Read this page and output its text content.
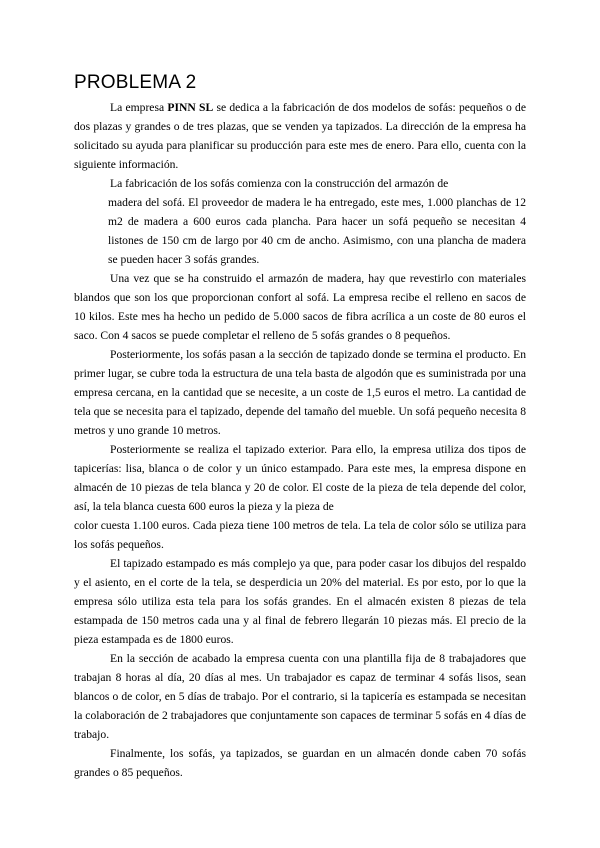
PROBLEMA 2

La empresa PINN SL se dedica a la fabricación de dos modelos de sofás: pequeños o de dos plazas y grandes o de tres plazas, que se venden ya tapizados. La dirección de la empresa ha solicitado su ayuda para planificar su producción para este mes de enero. Para ello, cuenta con la siguiente información.

La fabricación de los sofás comienza con la construcción del armazón de

madera del sofá. El proveedor de madera le ha entregado, este mes, 1.000 planchas de 12 m2 de madera a 600 euros cada plancha. Para hacer un sofá pequeño se necesitan 4 listones de 150 cm de largo por 40 cm de ancho. Asimismo, con una plancha de madera se pueden hacer 3 sofás grandes.

Una vez que se ha construido el armazón de madera, hay que revestirlo con materiales blandos que son los que proporcionan confort al sofá. La empresa recibe el relleno en sacos de 10 kilos. Este mes ha hecho un pedido de 5.000 sacos de fibra acrílica a un coste de 80 euros el saco. Con 4 sacos se puede completar el relleno de 5 sofás grandes o 8 pequeños.

Posteriormente, los sofás pasan a la sección de tapizado donde se termina el producto. En primer lugar, se cubre toda la estructura de una tela basta de algodón que es suministrada por una empresa cercana, en la cantidad que se necesite, a un coste de 1,5 euros el metro. La cantidad de tela que se necesita para el tapizado, depende del tamaño del mueble. Un sofá pequeño necesita 8 metros y uno grande 10 metros.

Posteriormente se realiza el tapizado exterior. Para ello, la empresa utiliza dos tipos de tapicerías: lisa, blanca o de color y un único estampado. Para este mes, la empresa dispone en almacén de 10 piezas de tela blanca y 20 de color. El coste de la pieza de tela depende del color, así, la tela blanca cuesta 600 euros la pieza y la pieza de

color cuesta 1.100 euros. Cada pieza tiene 100 metros de tela. La tela de color sólo se utiliza para los sofás pequeños.

El tapizado estampado es más complejo ya que, para poder casar los dibujos del respaldo y el asiento, en el corte de la tela, se desperdicia un 20% del material. Es por esto, por lo que la empresa sólo utiliza esta tela para los sofás grandes. En el almacén existen 8 piezas de tela estampada de 150 metros cada una y al final de febrero llegarán 10 piezas más. El precio de la pieza estampada es de 1800 euros.

En la sección de acabado la empresa cuenta con una plantilla fija de 8 trabajadores que trabajan 8 horas al día, 20 días al mes. Un trabajador es capaz de terminar 4 sofás lisos, sean blancos o de color, en 5 días de trabajo. Por el contrario, si la tapicería es estampada se necesitan la colaboración de 2 trabajadores que conjuntamente son capaces de terminar 5 sofás en 4 días de trabajo.

Finalmente, los sofás, ya tapizados, se guardan en un almacén donde caben 70 sofás grandes o 85 pequeños.
